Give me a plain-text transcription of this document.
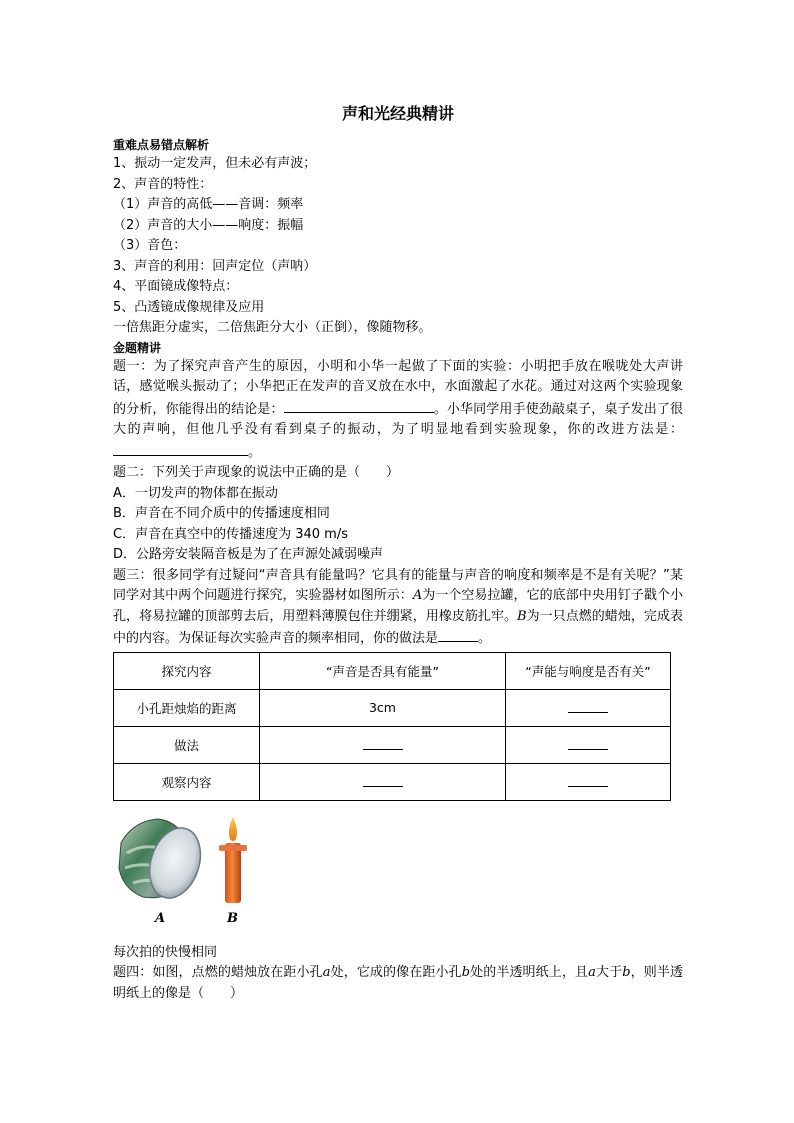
声和光经典精讲
重难点易错点解析
1、振动一定发声，但未必有声波；
2、声音的特性：
（1）声音的高低——音调：频率
（2）声音的大小——响度：振幅
（3）音色：
3、声音的利用：回声定位（声呐）
4、平面镜成像特点：
5、凸透镜成像规律及应用
一倍焦距分虚实，二倍焦距分大小（正倒），像随物移。
金题精讲
题一：为了探究声音产生的原因，小明和小华一起做了下面的实验：小明把手放在喉咙处大声讲话，感觉喉头振动了；小华把正在发声的音叉放在水中，水面激起了水花。通过对这两个实验现象的分析，你能得出的结论是：	。小华同学用手使劲敲桌子，桌子发出了很大的声响，但他几乎没有看到桌子的振动，为了明显地看到实验现象，你的改进方法是：。
题二：下列关于声现象的说法中正确的是（　　）
A．一切发声的物体都在振动
B．声音在不同介质中的传播速度相同
C．声音在真空中的传播速度为 340 m/s
D．公路旁安装隔音板是为了在声源处减弱噪声
题三：很多同学有过疑问“声音具有能量吗？它具有的能量与声音的响度和频率是不是有关呢？”某同学对其中两个问题进行探究，实验器材如图所示：A为一个空易拉罐，它的底部中央用钉子戳个小孔，将易拉罐的顶部剪去后，用塑料薄膜包住并绷紧，用橡皮筋扎牢。B为一只点燃的蜡烛，完成表中的内容。为保证每次实验声音的频率相同，你的做法是	。
探究内容	“声音是否具有能量”	“声能与响度是否有关”
小孔距烛焰的距离	3cm	
做法		
观察内容		
A	B
每次拍的快慢相同
题四：如图，点燃的蜡烛放在距小孔a处，它成的像在距小孔b处的半透明纸上，且a大于b，则半透明纸上的像是（　　）
